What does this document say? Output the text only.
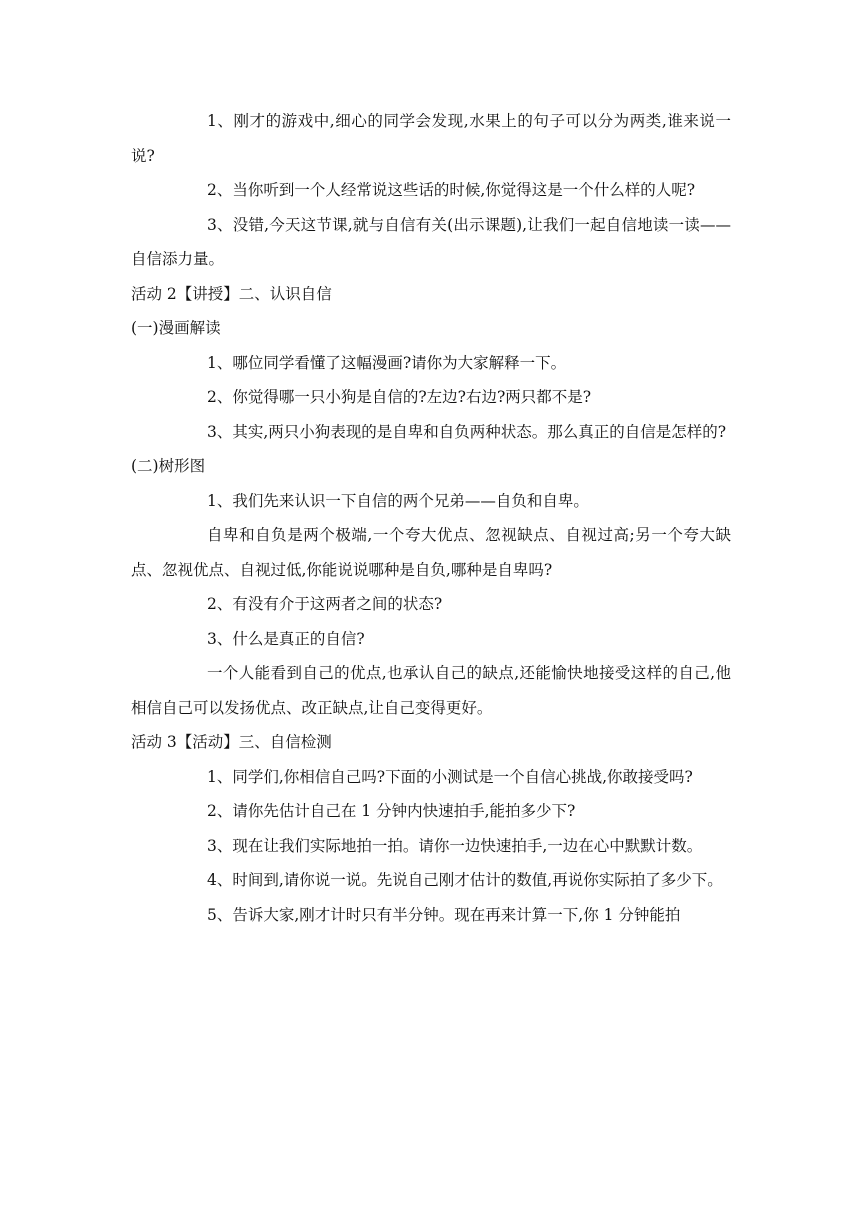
1、刚才的游戏中,细心的同学会发现,水果上的句子可以分为两类,谁来说一说?

2、当你听到一个人经常说这些话的时候,你觉得这是一个什么样的人呢?

3、没错,今天这节课,就与自信有关(出示课题),让我们一起自信地读一读——自信添力量。

活动 2【讲授】二、认识自信

(一)漫画解读

1、哪位同学看懂了这幅漫画?请你为大家解释一下。

2、你觉得哪一只小狗是自信的?左边?右边?两只都不是?

3、其实,两只小狗表现的是自卑和自负两种状态。那么真正的自信是怎样的?

(二)树形图

1、我们先来认识一下自信的两个兄弟——自负和自卑。

自卑和自负是两个极端,一个夸大优点、忽视缺点、自视过高;另一个夸大缺点、忽视优点、自视过低,你能说说哪种是自负,哪种是自卑吗?

2、有没有介于这两者之间的状态?

3、什么是真正的自信?

一个人能看到自己的优点,也承认自己的缺点,还能愉快地接受这样的自己,他相信自己可以发扬优点、改正缺点,让自己变得更好。

活动 3【活动】三、自信检测

1、同学们,你相信自己吗?下面的小测试是一个自信心挑战,你敢接受吗?

2、请你先估计自己在 1 分钟内快速拍手,能拍多少下?

3、现在让我们实际地拍一拍。请你一边快速拍手,一边在心中默默计数。

4、时间到,请你说一说。先说自己刚才估计的数值,再说你实际拍了多少下。

5、告诉大家,刚才计时只有半分钟。现在再来计算一下,你 1 分钟能拍
